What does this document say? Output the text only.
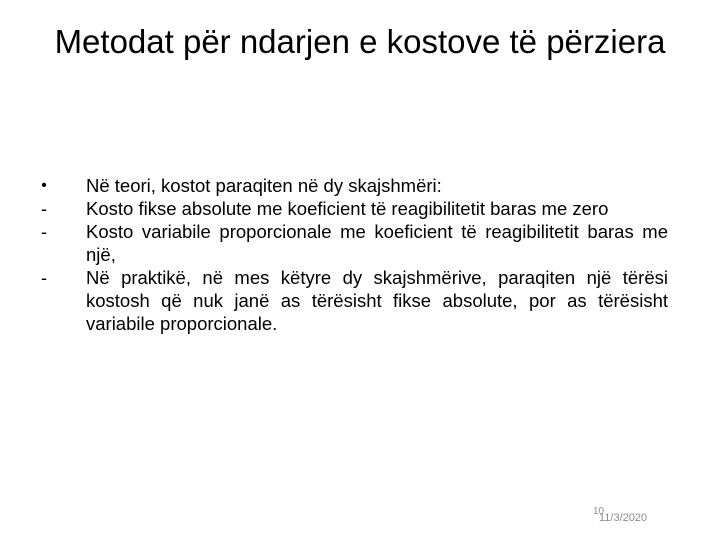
Metodat për ndarjen e kostove të përziera
•	Në teori, kostot paraqiten në dy skajshmëri:
-	Kosto fikse absolute me koeficient të reagibilitetit baras me zero
-	Kosto variabile proporcionale me koeficient të reagibilitetit baras me një,
-	Në praktikë, në mes këtyre dy skajshmërive, paraqiten një tërësi kostosh që nuk janë as tërësisht fikse absolute, por as tërësisht variabile proporcionale.
10
11/3/2020
